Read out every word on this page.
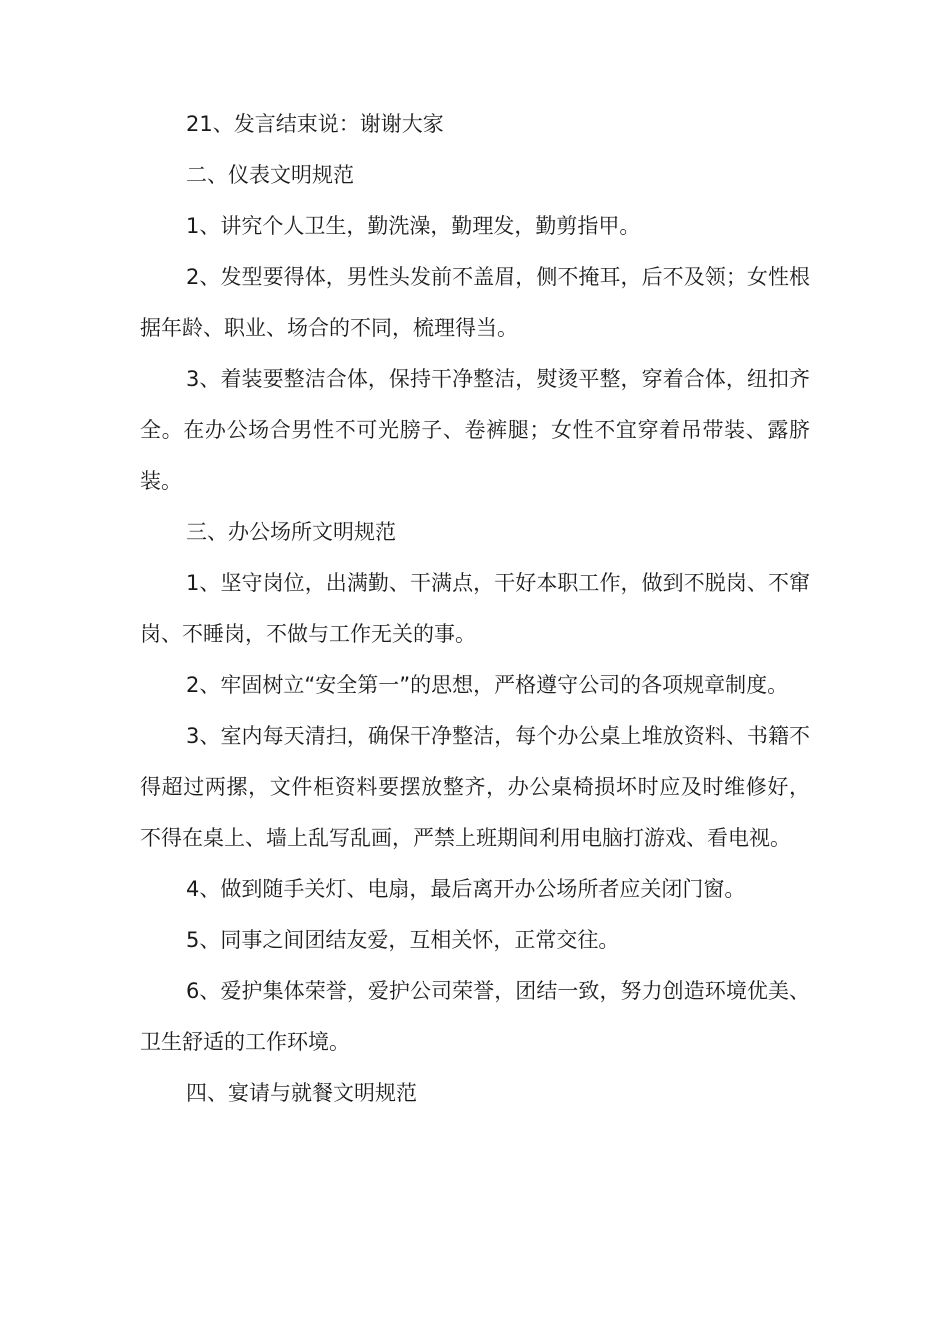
21、发言结束说：谢谢大家

二、仪表文明规范

1、讲究个人卫生，勤洗澡，勤理发，勤剪指甲。

2、发型要得体，男性头发前不盖眉，侧不掩耳，后不及领；女性根据年龄、职业、场合的不同，梳理得当。

3、着装要整洁合体，保持干净整洁，熨烫平整，穿着合体，纽扣齐全。在办公场合男性不可光膀子、卷裤腿；女性不宜穿着吊带装、露脐装。

三、办公场所文明规范

1、坚守岗位，出满勤、干满点，干好本职工作，做到不脱岗、不窜岗、不睡岗，不做与工作无关的事。

2、牢固树立“安全第一”的思想，严格遵守公司的各项规章制度。

3、室内每天清扫，确保干净整洁，每个办公桌上堆放资料、书籍不得超过两摞，文件柜资料要摆放整齐，办公桌椅损坏时应及时维修好，不得在桌上、墙上乱写乱画，严禁上班期间利用电脑打游戏、看电视。

4、做到随手关灯、电扇，最后离开办公场所者应关闭门窗。

5、同事之间团结友爱，互相关怀，正常交往。

6、爱护集体荣誉，爱护公司荣誉，团结一致，努力创造环境优美、卫生舒适的工作环境。

四、宴请与就餐文明规范
